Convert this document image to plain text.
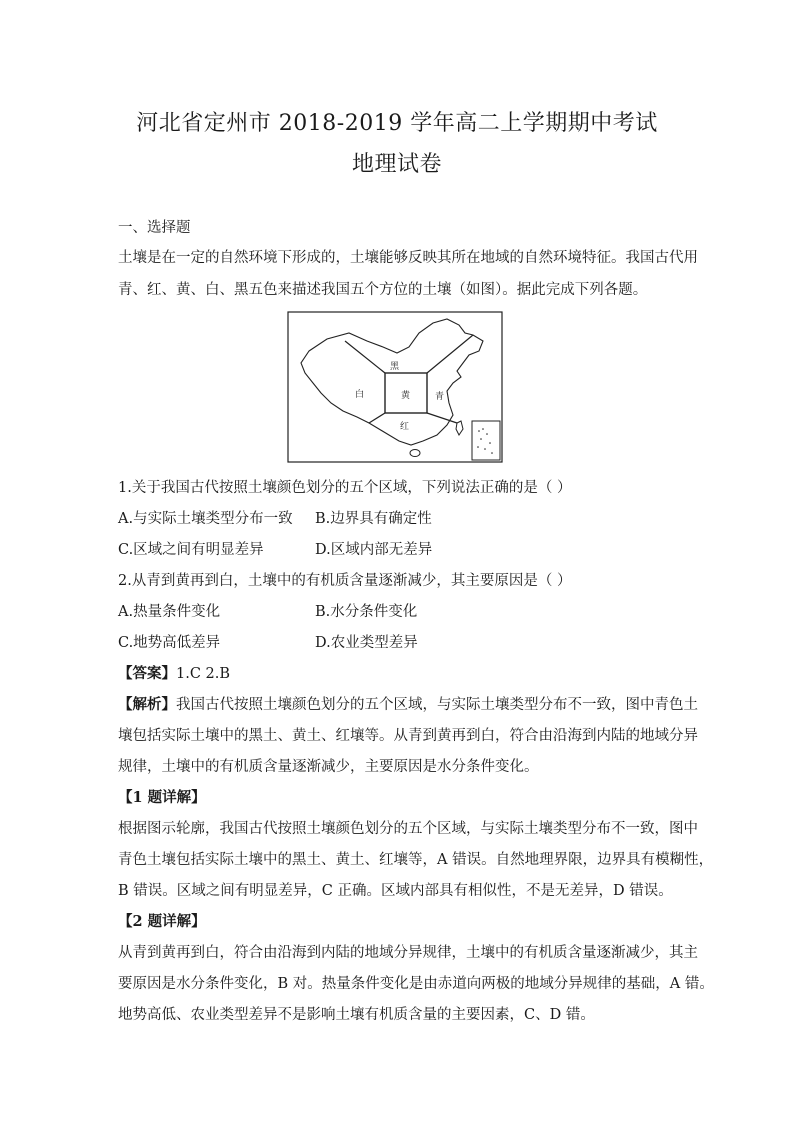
河北省定州市 2018-2019 学年高二上学期期中考试
地理试卷
一、选择题
土壤是在一定的自然环境下形成的，土壤能够反映其所在地域的自然环境特征。我国古代用
青、红、黄、白、黑五色来描述我国五个方位的土壤（如图）。据此完成下列各题。
黑
白	黄	青
红
1.关于我国古代按照土壤颜色划分的五个区域，下列说法正确的是（ ）
A.与实际土壤类型分布一致 B.边界具有确定性
C.区域之间有明显差异	D.区域内部无差异
2.从青到黄再到白，土壤中的有机质含量逐渐减少，其主要原因是（ ）
A.热量条件变化	B.水分条件变化
C.地势高低差异	D.农业类型差异
【答案】1.C 2.B
【解析】我国古代按照土壤颜色划分的五个区域，与实际土壤类型分布不一致，图中青色土
壤包括实际土壤中的黑土、黄土、红壤等。从青到黄再到白，符合由沿海到内陆的地域分异
规律，土壤中的有机质含量逐渐减少，主要原因是水分条件变化。
【1 题详解】
根据图示轮廓，我国古代按照土壤颜色划分的五个区域，与实际土壤类型分布不一致，图中
青色土壤包括实际土壤中的黑土、黄土、红壤等，A 错误。自然地理界限，边界具有模糊性，
B 错误。区域之间有明显差异，C 正确。区域内部具有相似性，不是无差异，D 错误。
【2 题详解】
从青到黄再到白，符合由沿海到内陆的地域分异规律，土壤中的有机质含量逐渐减少，其主
要原因是水分条件变化，B 对。热量条件变化是由赤道向两极的地域分异规律的基础，A 错。
地势高低、农业类型差异不是影响土壤有机质含量的主要因素，C、D 错。
